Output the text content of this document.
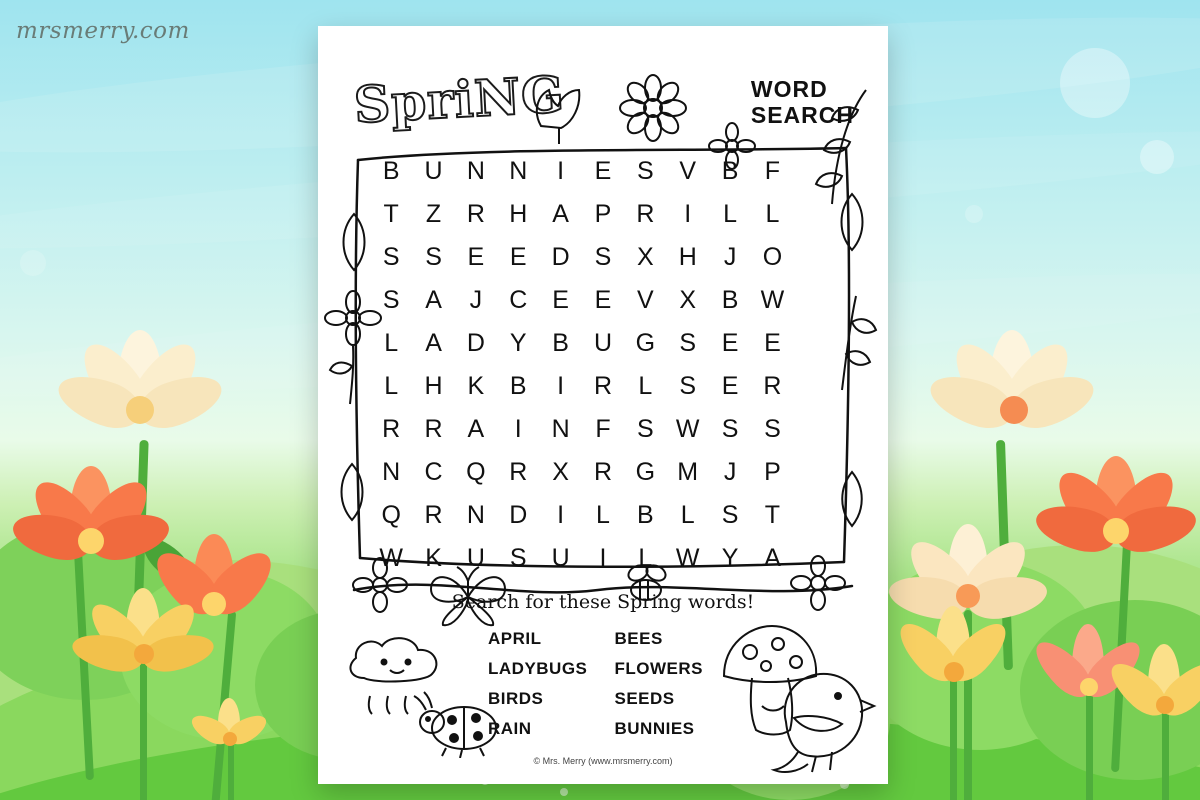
mrsmerry.com
SpriNG	WORD
SEARCH
B U N N	I	E	S	V	B	F
T	Z	R H A	P R	I	L	L
S	S	E	E D S	X	H	J	O
S	A	J	C E	E	V	X	B W
L	A D	Y	B U G S	E	E
L	H K	B	I	R	L	S	E R
R R A	I	N	F	S W S	S
N C Q R X R G M	J	P
Q R N D	I	L	B	L	S	T
W K U	S U	I	L W Y	A
Search for these Spring words!
APRIL	BEES
LADYBUGS	FLOWERS
BIRDS	SEEDS
RAIN	BUNNIES
© Mrs. Merry (www.mrsmerry.com)
